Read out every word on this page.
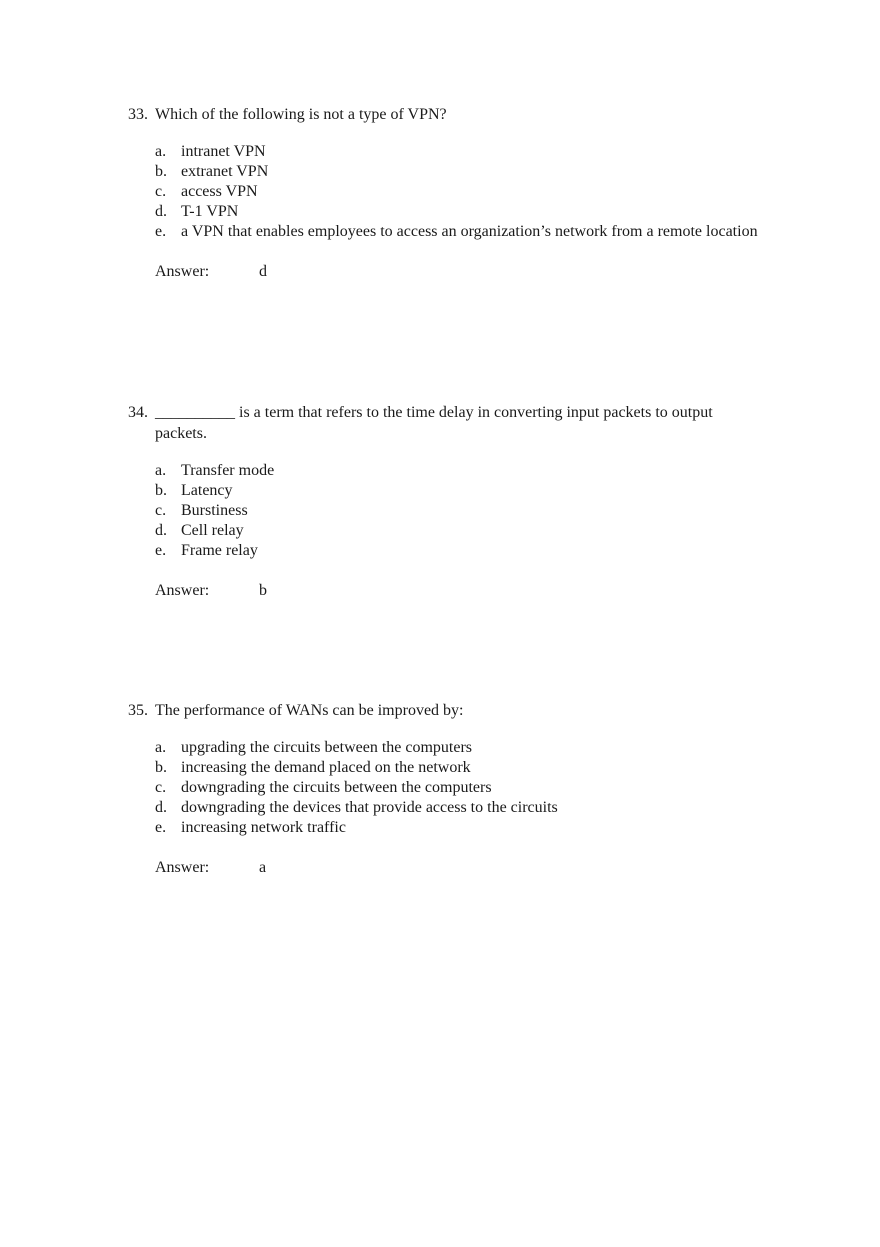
33. Which of the following is not a type of VPN?
a. intranet VPN
b. extranet VPN
c. access VPN
d. T-1 VPN
e. a VPN that enables employees to access an organization’s network from a remote location
Answer:	d
34. __________ is a term that refers to the time delay in converting input packets to output packets.
a. Transfer mode
b. Latency
c. Burstiness
d. Cell relay
e. Frame relay
Answer:	b
35. The performance of WANs can be improved by:
a. upgrading the circuits between the computers
b. increasing the demand placed on the network
c. downgrading the circuits between the computers
d. downgrading the devices that provide access to the circuits
e. increasing network traffic
Answer:	a
